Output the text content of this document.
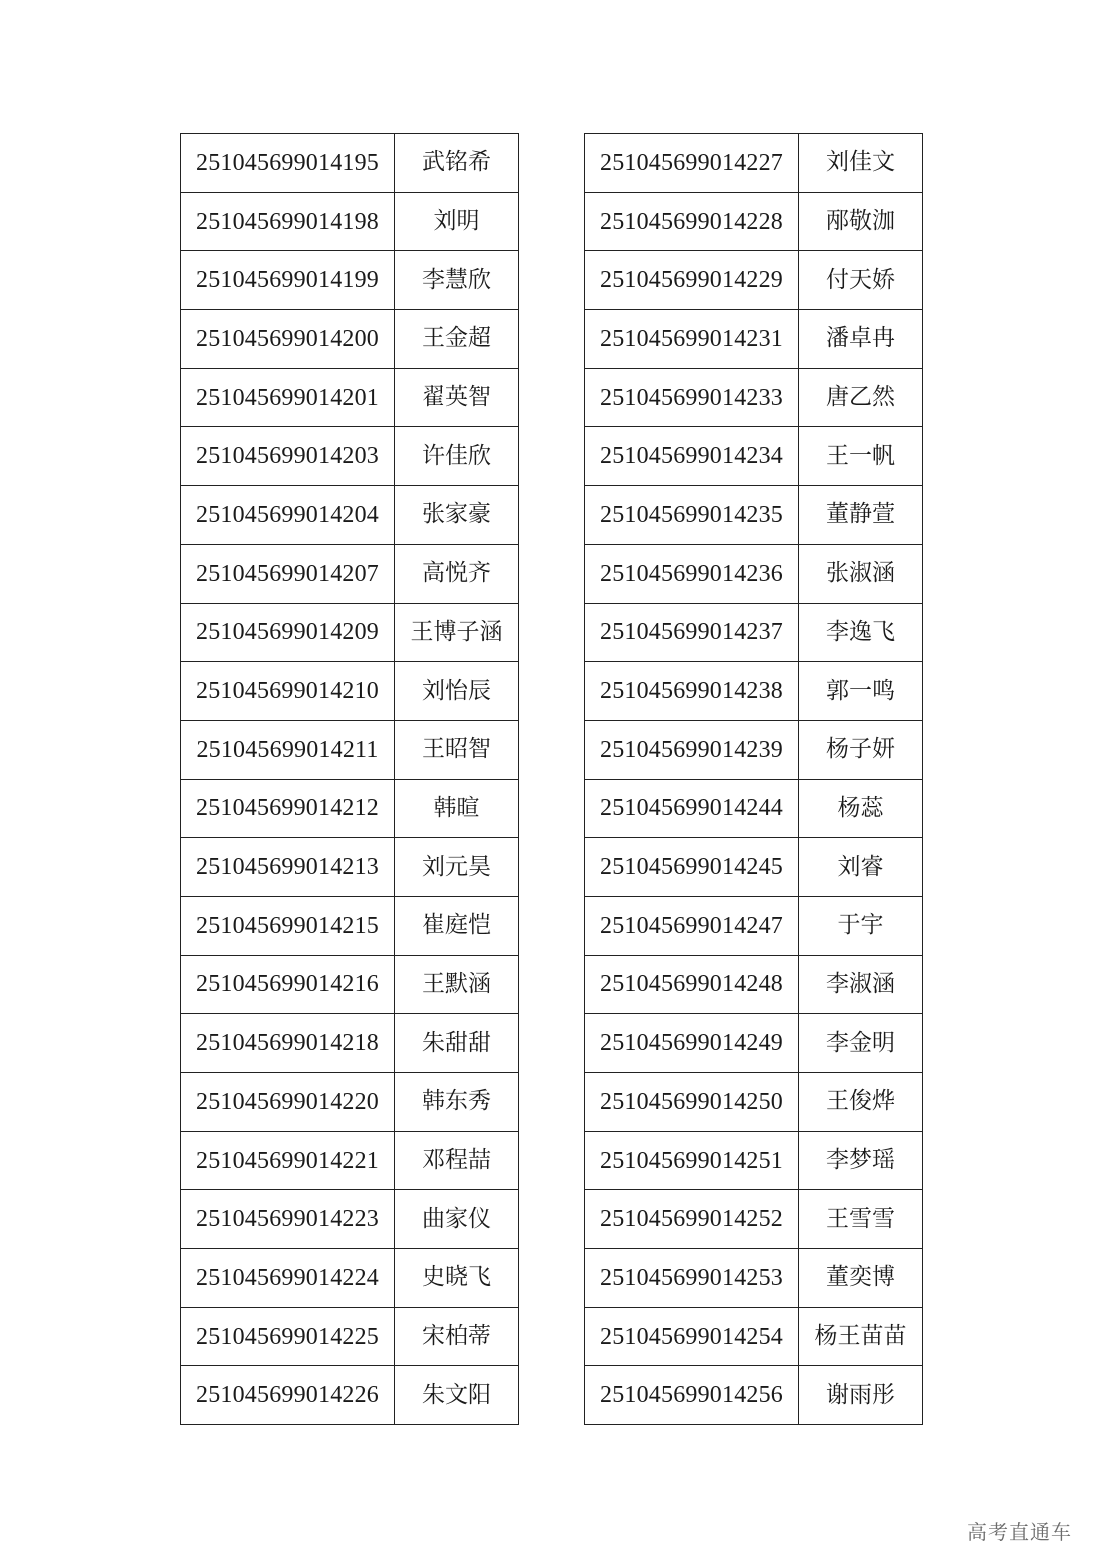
251045699014195	武铭希
251045699014198	刘明
251045699014199	李慧欣
251045699014200	王金超
251045699014201	翟英智
251045699014203	许佳欣
251045699014204	张家豪
251045699014207	高悦齐
251045699014209	王博子涵
251045699014210	刘怡辰
251045699014211	王昭智
251045699014212	韩暄
251045699014213	刘元昊
251045699014215	崔庭恺
251045699014216	王默涵
251045699014218	朱甜甜
251045699014220	韩东秀
251045699014221	邓程喆
251045699014223	曲家仪
251045699014224	史晓飞
251045699014225	宋柏蒂
251045699014226	朱文阳
251045699014227	刘佳文
251045699014228	邴敬泇
251045699014229	付天娇
251045699014231	潘卓冉
251045699014233	唐乙然
251045699014234	王一帆
251045699014235	董静萱
251045699014236	张淑涵
251045699014237	李逸飞
251045699014238	郭一鸣
251045699014239	杨子妍
251045699014244	杨蕊
251045699014245	刘睿
251045699014247	于宇
251045699014248	李淑涵
251045699014249	李金明
251045699014250	王俊烨
251045699014251	李梦瑶
251045699014252	王雪雪
251045699014253	董奕博
251045699014254	杨王苗苗
251045699014256	谢雨彤
高考直通车
